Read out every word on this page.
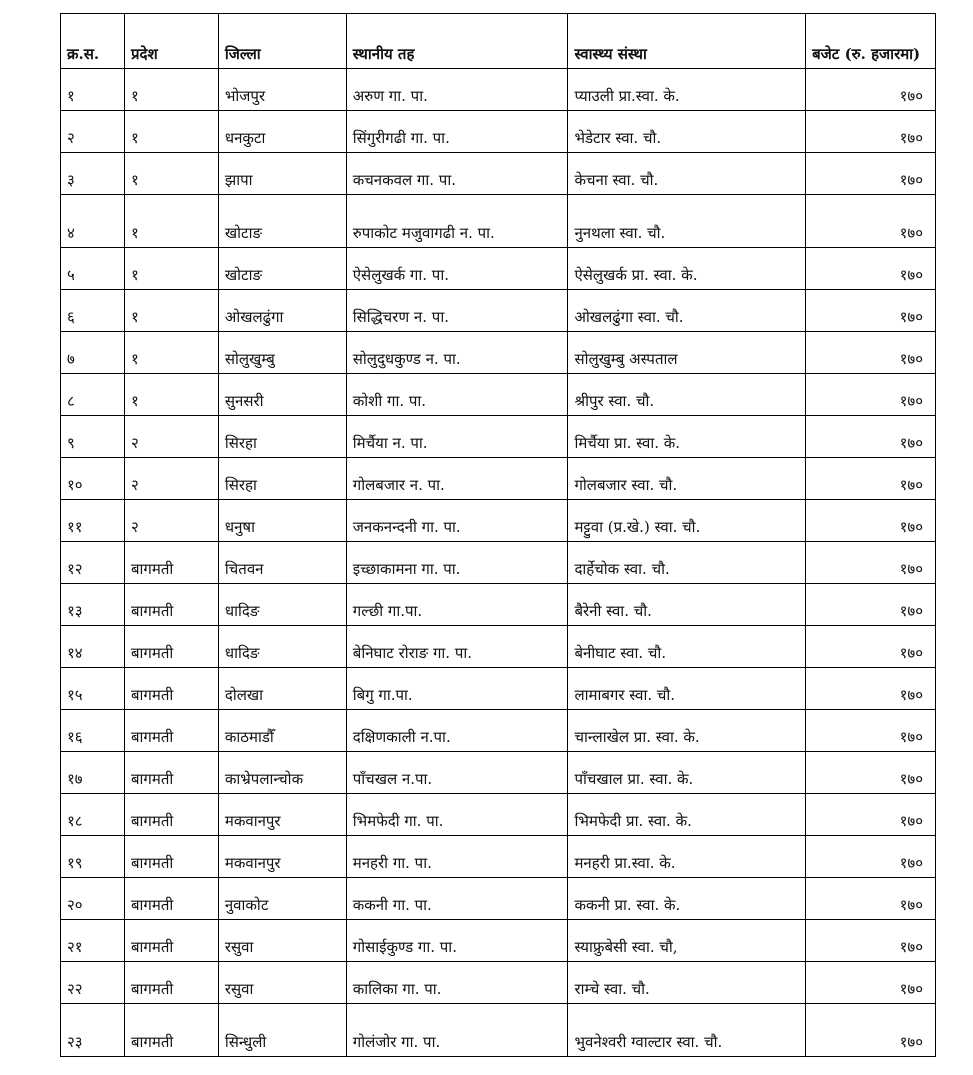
क्र.स.	प्रदेश	जिल्ला	स्थानीय तह	स्वास्थ्य संस्था	बजेट (रु. हजारमा)
१	१	भोजपुर	अरुण गा. पा.	प्याउली प्रा.स्वा. के.	१७०
२	१	धनकुटा	सिंगुरीगढी गा. पा.	भेडेटार स्वा. चौ.	१७०
३	१	झापा	कचनकवल गा. पा.	केचना स्वा. चौ.	१७०
४	१	खोटाङ	रुपाकोट मजुवागढी न. पा.	नुनथला स्वा. चौ.	१७०
५	१	खोटाङ	ऐसेलुखर्क गा. पा.	ऐसेलुखर्क प्रा. स्वा. के.	१७०
६	१	ओखलढुंगा	सिद्धिचरण न. पा.	ओखलढुंगा स्वा. चौ.	१७०
७	१	सोलुखुम्बु	सोलुदुधकुण्ड न. पा.	सोलुखुम्बु अस्पताल	१७०
८	१	सुनसरी	कोशी गा. पा.	श्रीपुर स्वा. चौ.	१७०
९	२	सिरहा	मिर्चैया न. पा.	मिर्चैया प्रा. स्वा. के.	१७०
१०	२	सिरहा	गोलबजार न. पा.	गोलबजार स्वा. चौ.	१७०
११	२	धनुषा	जनकनन्दनी गा. पा.	मट्टुवा (प्र.खे.) स्वा. चौ.	१७०
१२	बागमती	चितवन	इच्छाकामना गा. पा.	दार्हेचोक स्वा. चौ.	१७०
१३	बागमती	धादिङ	गल्छी गा.पा.	बैरेनी स्वा. चौ.	१७०
१४	बागमती	धादिङ	बेनिघाट रोराङ गा. पा.	बेनीघाट स्वा. चौ.	१७०
१५	बागमती	दोलखा	बिगु गा.पा.	लामाबगर स्वा. चौ.	१७०
१६	बागमती	काठमाडौँ	दक्षिणकाली न.पा.	चान्लाखेल प्रा. स्वा. के.	१७०
१७	बागमती	काभ्रेपलान्चोक	पाँचखल न.पा.	पाँचखाल प्रा. स्वा. के.	१७०
१८	बागमती	मकवानपुर	भिमफेदी गा. पा.	भिमफेदी प्रा. स्वा. के.	१७०
१९	बागमती	मकवानपुर	मनहरी गा. पा.	मनहरी प्रा.स्वा. के.	१७०
२०	बागमती	नुवाकोट	ककनी गा. पा.	ककनी प्रा. स्वा. के.	१७०
२१	बागमती	रसुवा	गोसाईकुण्ड गा. पा.	स्याफ्रुबेसी स्वा. चौ,	१७०
२२	बागमती	रसुवा	कालिका गा. पा.	राम्चे स्वा. चौ.	१७०
२३	बागमती	सिन्धुली	गोलंजोर गा. पा.	भुवनेश्वरी ग्वाल्टार स्वा. चौ.	१७०
